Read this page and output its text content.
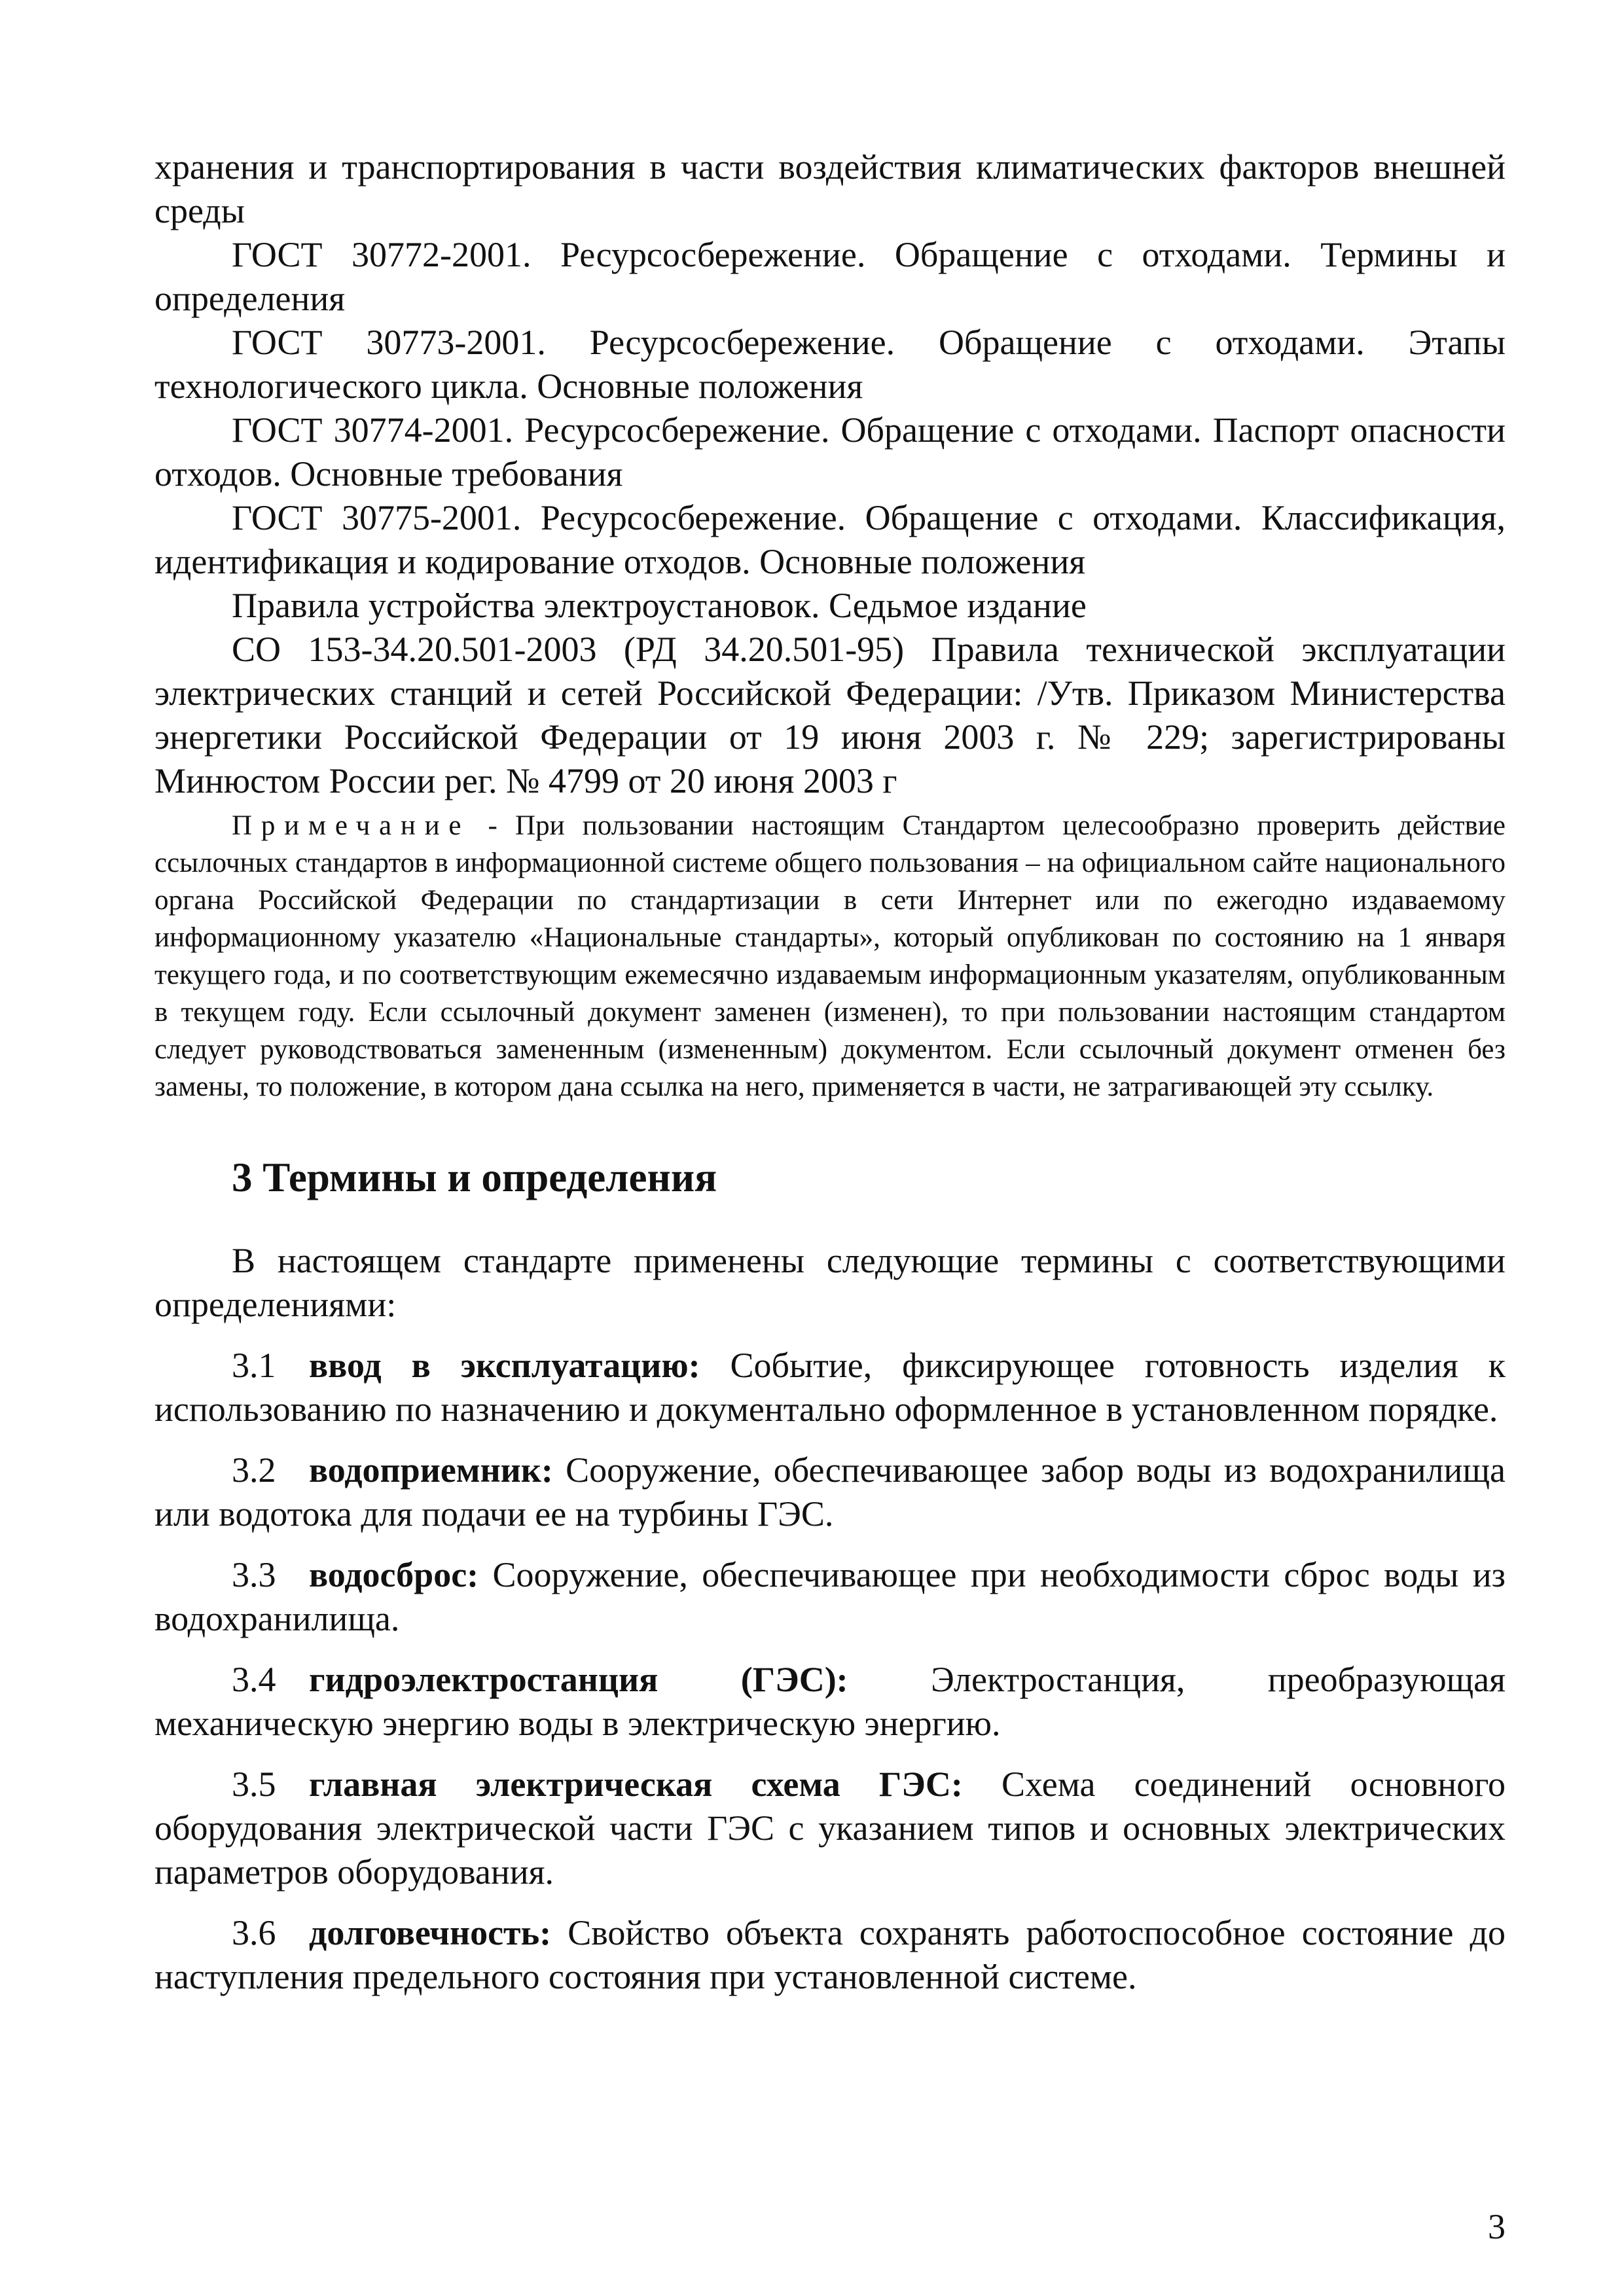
хранения и транспортирования в части воздействия климатических факторов внешней среды

ГОСТ 30772-2001. Ресурсосбережение. Обращение с отходами. Термины и определения

ГОСТ 30773-2001. Ресурсосбережение. Обращение с отходами. Этапы технологического цикла. Основные положения

ГОСТ 30774-2001. Ресурсосбережение. Обращение с отходами. Паспорт опасности отходов. Основные требования

ГОСТ 30775-2001. Ресурсосбережение. Обращение с отходами. Классификация, идентификация и кодирование отходов. Основные положения

Правила устройства электроустановок. Седьмое издание

СО 153-34.20.501-2003 (РД 34.20.501-95) Правила технической эксплуатации электрических станций и сетей Российской Федерации: /Утв. Приказом Министерства энергетики Российской Федерации от 19 июня 2003 г. № 229; зарегистрированы Минюстом России рег. № 4799 от 20 июня 2003 г

Примечание - При пользовании настоящим Стандартом целесообразно проверить действие ссылочных стандартов в информационной системе общего пользования – на официальном сайте национального органа Российской Федерации по стандартизации в сети Интернет или по ежегодно издаваемому информационному указателю «Национальные стандарты», который опубликован по состоянию на 1 января текущего года, и по соответствующим ежемесячно издаваемым информационным указателям, опубликованным в текущем году. Если ссылочный документ заменен (изменен), то при пользовании настоящим стандартом следует руководствоваться замененным (измененным) документом. Если ссылочный документ отменен без замены, то положение, в котором дана ссылка на него, применяется в части, не затрагивающей эту ссылку.

3 Термины и определения

В настоящем стандарте применены следующие термины с соответствующими определениями:

3.1 ввод в эксплуатацию: Событие, фиксирующее готовность изделия к использованию по назначению и документально оформленное в установленном порядке.

3.2 водоприемник: Сооружение, обеспечивающее забор воды из водохранилища или водотока для подачи ее на турбины ГЭС.

3.3 водосброс: Сооружение, обеспечивающее при необходимости сброс воды из водохранилища.

3.4 гидроэлектростанция (ГЭС): Электростанция, преобразующая механическую энергию воды в электрическую энергию.

3.5 главная электрическая схема ГЭС: Схема соединений основного оборудования электрической части ГЭС с указанием типов и основных электрических параметров оборудования.

3.6 долговечность: Свойство объекта сохранять работоспособное состояние до наступления предельного состояния при установленной системе.

3
